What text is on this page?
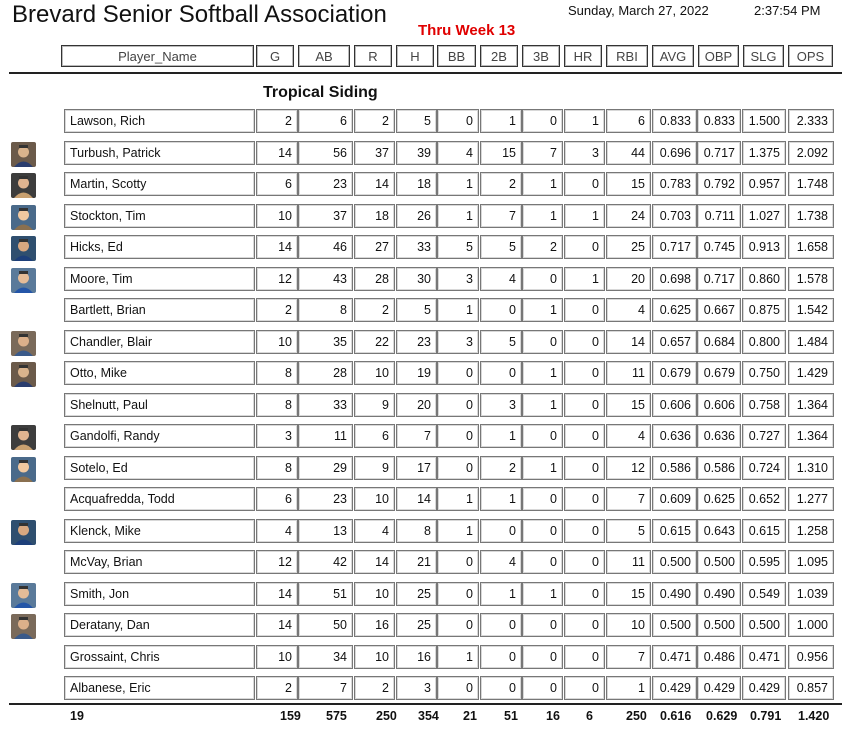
Brevard Senior Softball Association
Thru Week 13
Sunday, March 27, 2022	2:37:54 PM
Player_Name	G	AB	R	H	BB	2B	3B	HR	RBI	AVG	OBP	SLG	OPS
Tropical Siding
Lawson, Rich	2	6	2	5	0	1	0	1	6	0.833	0.833	1.500	2.333
Turbush, Patrick	14	56	37	39	4	15	7	3	44	0.696	0.717	1.375	2.092
Martin, Scotty	6	23	14	18	1	2	1	0	15	0.783	0.792	0.957	1.748
Stockton, Tim	10	37	18	26	1	7	1	1	24	0.703	0.711	1.027	1.738
Hicks, Ed	14	46	27	33	5	5	2	0	25	0.717	0.745	0.913	1.658
Moore, Tim	12	43	28	30	3	4	0	1	20	0.698	0.717	0.860	1.578
Bartlett, Brian	2	8	2	5	1	0	1	0	4	0.625	0.667	0.875	1.542
Chandler, Blair	10	35	22	23	3	5	0	0	14	0.657	0.684	0.800	1.484
Otto, Mike	8	28	10	19	0	0	1	0	11	0.679	0.679	0.750	1.429
Shelnutt, Paul	8	33	9	20	0	3	1	0	15	0.606	0.606	0.758	1.364
Gandolfi, Randy	3	11	6	7	0	1	0	0	4	0.636	0.636	0.727	1.364
Sotelo, Ed	8	29	9	17	0	2	1	0	12	0.586	0.586	0.724	1.310
Acquafredda, Todd	6	23	10	14	1	1	0	0	7	0.609	0.625	0.652	1.277
Klenck, Mike	4	13	4	8	1	0	0	0	5	0.615	0.643	0.615	1.258
McVay, Brian	12	42	14	21	0	4	0	0	11	0.500	0.500	0.595	1.095
Smith, Jon	14	51	10	25	0	1	1	0	15	0.490	0.490	0.549	1.039
Deratany, Dan	14	50	16	25	0	0	0	0	10	0.500	0.500	0.500	1.000
Grossaint, Chris	10	34	10	16	1	0	0	0	7	0.471	0.486	0.471	0.956
Albanese, Eric	2	7	2	3	0	0	0	0	1	0.429	0.429	0.429	0.857
19	159 575 250 354 21 51 16 6	250 0.616 0.629 0.791 1.420
